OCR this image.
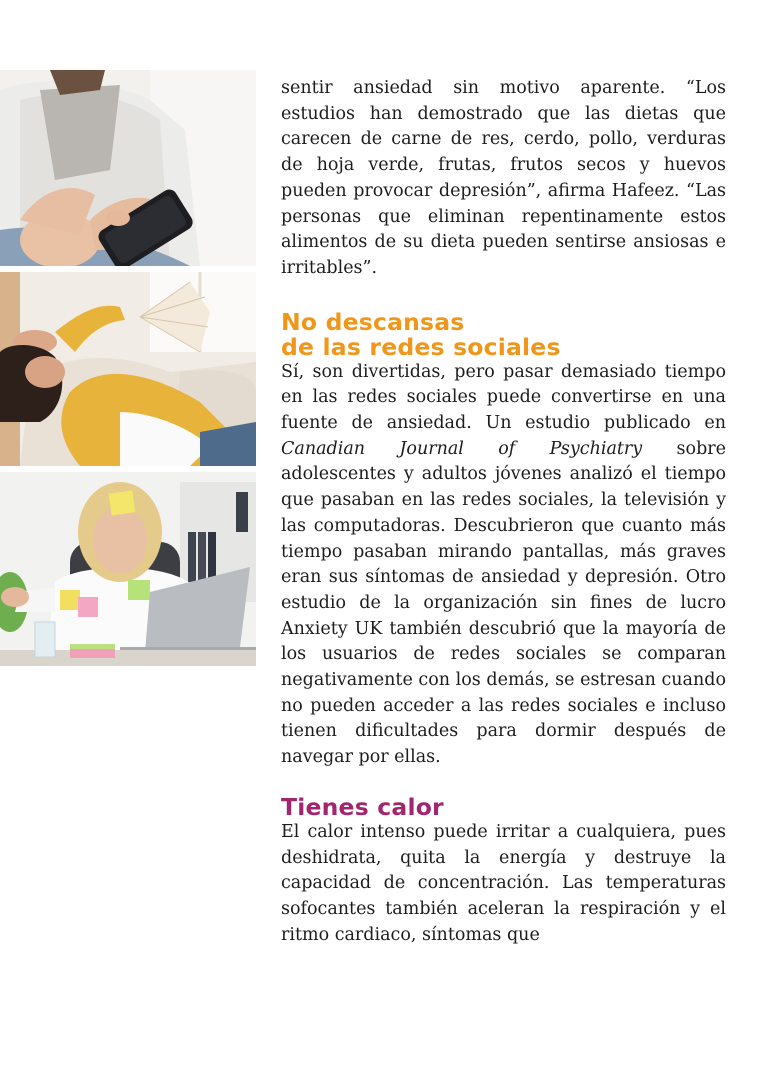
sentir ansiedad sin motivo aparente. “Los estudios han demostrado que las dietas que carecen de carne de res, cerdo, pollo, verduras de hoja verde, frutas, frutos secos y huevos pueden provocar depresión”, afirma Hafeez. “Las personas que eliminan repentinamente estos alimentos de su dieta pueden sentirse ansiosas e irritables”.

No descansas
de las redes sociales

Sí, son divertidas, pero pasar demasiado tiempo en las redes sociales puede convertirse en una fuente de ansiedad. Un estudio publicado en Canadian Journal of Psychiatry sobre adolescentes y adultos jóvenes analizó el tiempo que pasaban en las redes sociales, la televisión y las computadoras. Descubrieron que cuanto más tiempo pasaban mirando pantallas, más graves eran sus síntomas de ansiedad y depresión. Otro estudio de la organización sin fines de lucro Anxiety UK también descubrió que la mayoría de los usuarios de redes sociales se comparan negativamente con los demás, se estresan cuando no pueden acceder a las redes sociales e incluso tienen dificultades para dormir después de navegar por ellas.

Tienes calor

El calor intenso puede irritar a cualquiera, pues deshidrata, quita la energía y destruye la capacidad de concentración. Las temperaturas sofocantes también aceleran la respiración y el ritmo cardiaco, síntomas que
